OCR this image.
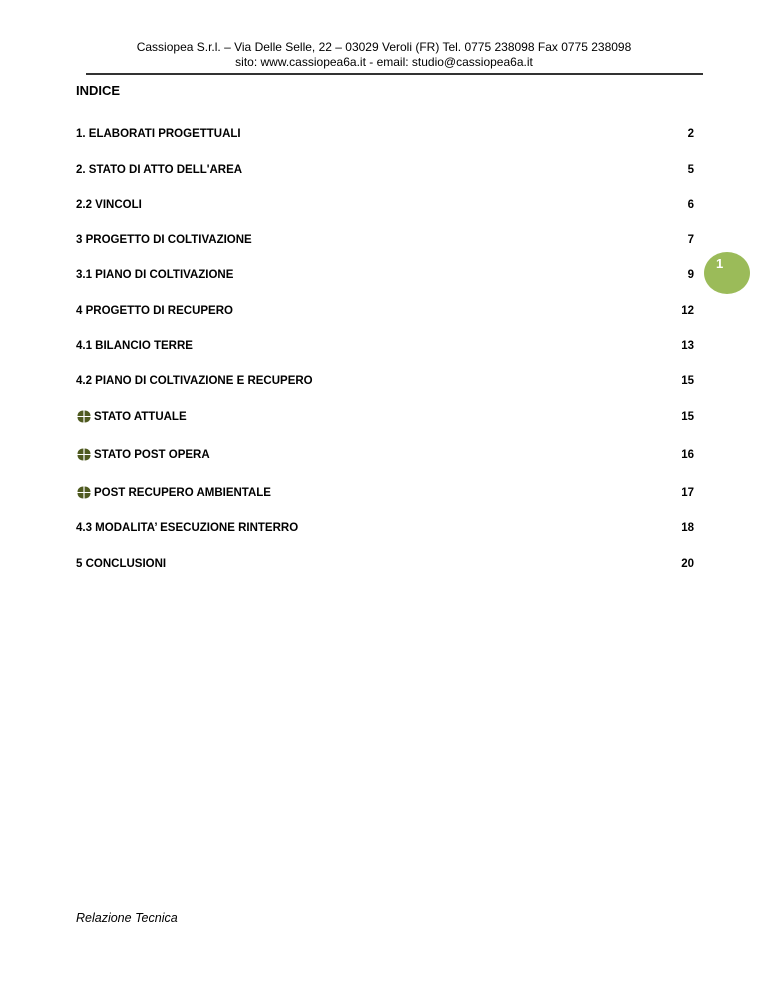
Cassiopea S.r.l. – Via Delle Selle, 22 – 03029 Veroli (FR) Tel. 0775 238098 Fax 0775 238098
sito: www.cassiopea6a.it - email: studio@cassiopea6a.it
INDICE
1. ELABORATI PROGETTUALI	2
2. STATO DI ATTO DELL'AREA	5
2.2 VINCOLI	6
3 PROGETTO DI COLTIVAZIONE	7
3.1 PIANO DI COLTIVAZIONE	9
4 PROGETTO DI RECUPERO	12
4.1 BILANCIO TERRE	13
4.2 PIANO DI COLTIVAZIONE E RECUPERO	15
STATO ATTUALE	15
STATO POST OPERA	16
POST RECUPERO AMBIENTALE	17
4.3 MODALITA’ ESECUZIONE RINTERRO	18
5 CONCLUSIONI	20
1
Relazione Tecnica
